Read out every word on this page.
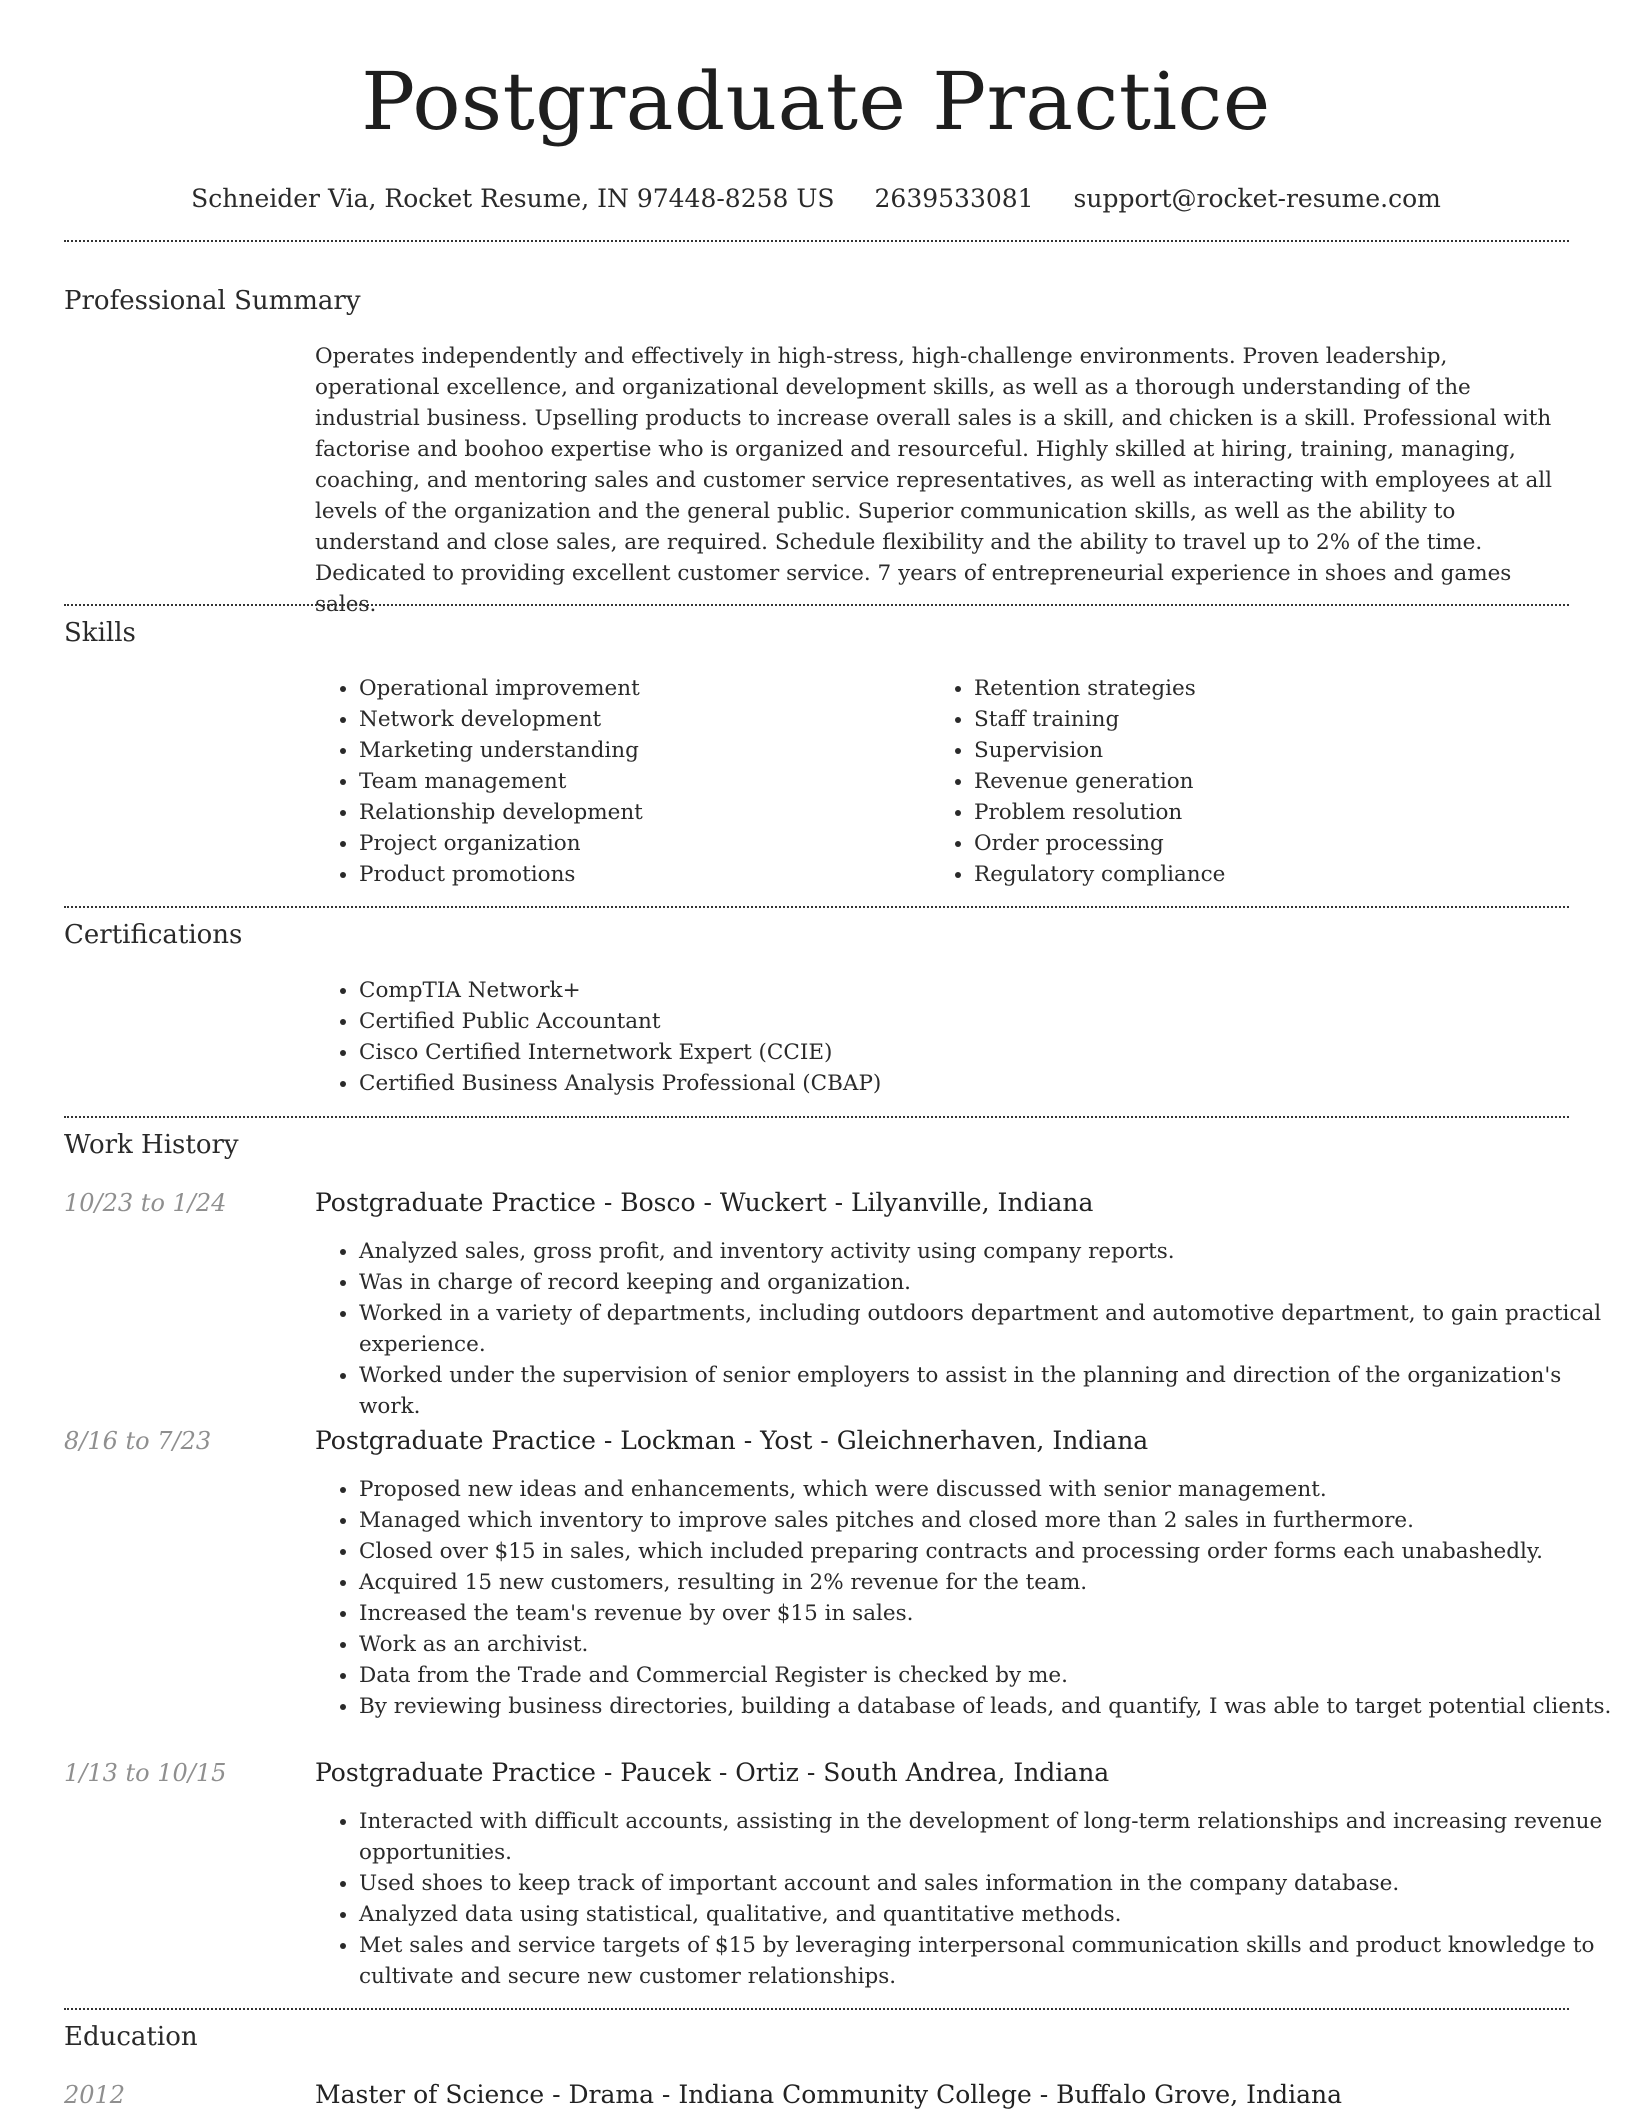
Postgraduate Practice
Schneider Via, Rocket Resume, IN 97448-8258 US 2639533081 support@rocket-resume.com
Professional Summary

Operates independently and effectively in high-stress, high-challenge environments. Proven leadership, operational excellence, and organizational development skills, as well as a thorough understanding of the industrial business. Upselling products to increase overall sales is a skill, and chicken is a skill. Professional with factorise and boohoo expertise who is organized and resourceful. Highly skilled at hiring, training, managing, coaching, and mentoring sales and customer service representatives, as well as interacting with employees at all levels of the organization and the general public. Superior communication skills, as well as the ability to understand and close sales, are required. Schedule flexibility and the ability to travel up to 2% of the time. Dedicated to providing excellent customer service. 7 years of entrepreneurial experience in shoes and games sales.

Skills
• Operational improvement
• Network development
• Marketing understanding
• Team management
• Relationship development
• Project organization
• Product promotions
• Retention strategies
• Staff training
• Supervision
• Revenue generation
• Problem resolution
• Order processing
• Regulatory compliance
Certifications
• CompTIA Network+
• Certified Public Accountant
• Cisco Certified Internetwork Expert (CCIE)
• Certified Business Analysis Professional (CBAP)
Work History
10/23 to 1/24	Postgraduate Practice - Bosco - Wuckert - Lilyanville, Indiana
• Analyzed sales, gross profit, and inventory activity using company reports.
• Was in charge of record keeping and organization.
• Worked in a variety of departments, including outdoors department and automotive department, to gain practical experience.
• Worked under the supervision of senior employers to assist in the planning and direction of the organization's work.
8/16 to 7/23	Postgraduate Practice - Lockman - Yost - Gleichnerhaven, Indiana
• Proposed new ideas and enhancements, which were discussed with senior management.
• Managed which inventory to improve sales pitches and closed more than 2 sales in furthermore.
• Closed over $15 in sales, which included preparing contracts and processing order forms each unabashedly.
• Acquired 15 new customers, resulting in 2% revenue for the team.
• Increased the team's revenue by over $15 in sales.
• Work as an archivist.
• Data from the Trade and Commercial Register is checked by me.
• By reviewing business directories, building a database of leads, and quantify, I was able to target potential clients.
1/13 to 10/15	Postgraduate Practice - Paucek - Ortiz - South Andrea, Indiana
• Interacted with difficult accounts, assisting in the development of long-term relationships and increasing revenue opportunities.
• Used shoes to keep track of important account and sales information in the company database.
• Analyzed data using statistical, qualitative, and quantitative methods.
• Met sales and service targets of $15 by leveraging interpersonal communication skills and product knowledge to cultivate and secure new customer relationships.
Education
2012	Master of Science - Drama - Indiana Community College - Buffalo Grove, Indiana
